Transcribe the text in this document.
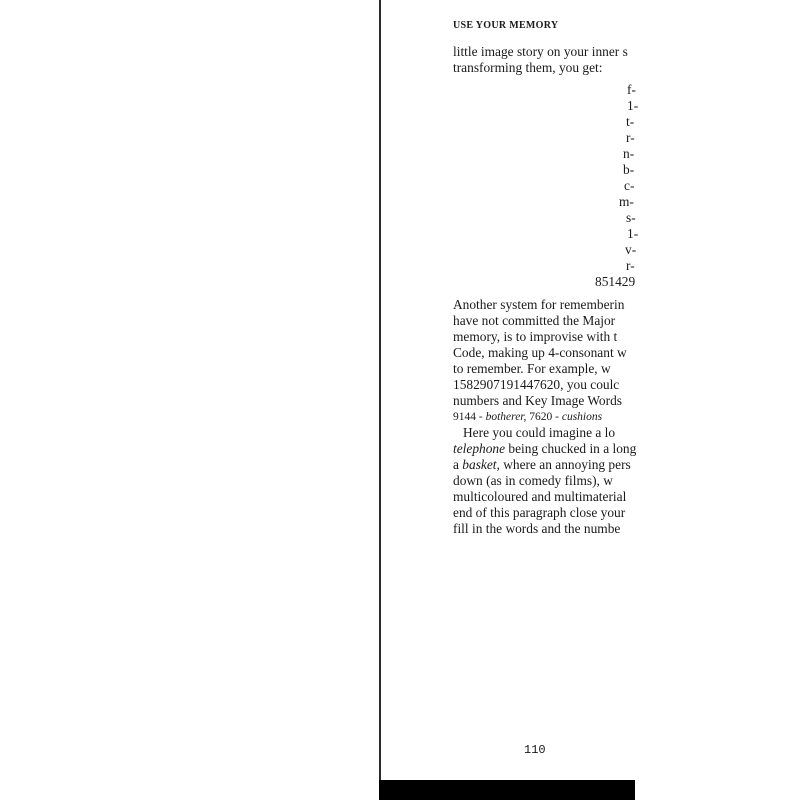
USE YOUR MEMORY
little image story on your inner s
transforming them, you get:
f-
1-
t-
r-
n-
b-
c-
m-
s-
1-
v-
r-
851429
Another system for rememberin
have not committed the Major
memory, is to improvise with t
Code, making up 4-consonant w
to remember. For example, w
1582907191447620, you coulc
numbers and Key Image Words
9144 - botherer, 7620 - cushions
Here you could imagine a lo
telephone being chucked in a long
a basket, where an annoying pers
down (as in comedy films), w
multicoloured and multimaterial
end of this paragraph close your
fill in the words and the numbe
110
